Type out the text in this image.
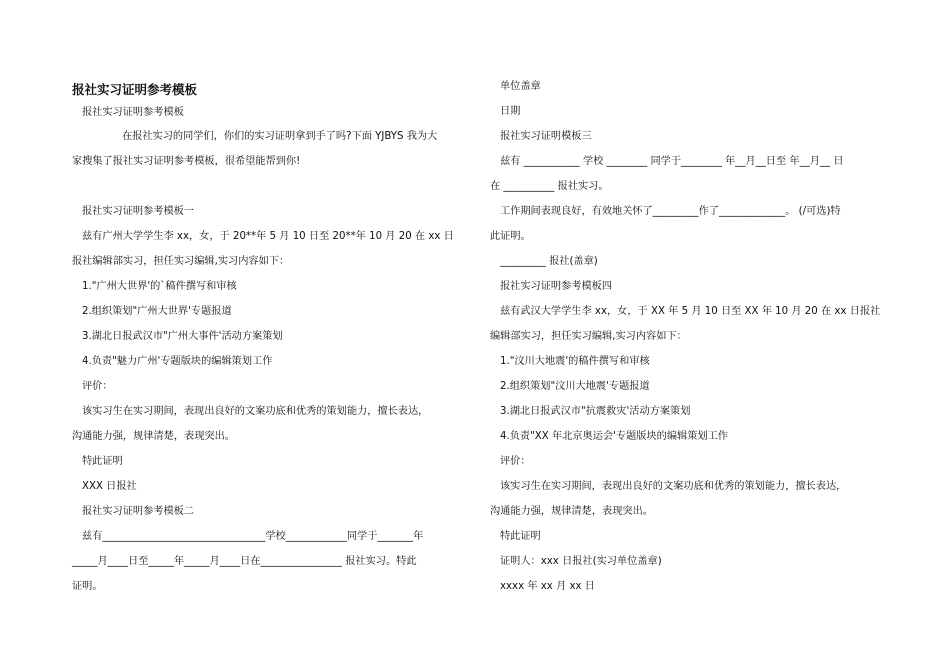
报社实习证明参考模板
报社实习证明参考模板
在报社实习的同学们，你们的实习证明拿到手了吗?下面 YJBYS 我为大
家搜集了报社实习证明参考模板，很希望能帮到你!
报社实习证明参考模板一
兹有广州大学学生李 xx，女，于 20**年 5 月 10 日至 20**年 10 月 20 在 xx 日
报社编辑部实习，担任实习编辑,实习内容如下：
1."广州大世界'的`稿件撰写和审核
2.组织策划"广州大世界'专题报道
3.湖北日报武汉市"广州大事件'活动方案策划
4.负责"魅力广州'专题版块的编辑策划工作
评价：
该实习生在实习期间，表现出良好的文案功底和优秀的策划能力，擅长表达，
沟通能力强，规律清楚，表现突出。
特此证明
XXX 日报社
报社实习证明参考模板二
兹有________________________________学校____________同学于_______年
_____月____日至_____年_____月____日在________________ 报社实习。特此
证明。
单位盖章
日期
报社实习证明模板三
兹有 ___________ 学校 ________ 同学于________ 年__月__日至 年__月__ 日
在 __________ 报社实习。
工作期间表现良好，有效地关怀了_________作了_____________。 (/可选)特
此证明。
_________ 报社(盖章)
报社实习证明参考模板四
兹有武汉大学学生李 xx，女，于 XX 年 5 月 10 日至 XX 年 10 月 20 在 xx 日报社
编辑部实习，担任实习编辑,实习内容如下：
1."汶川大地震'的稿件撰写和审核
2.组织策划"汶川大地震'专题报道
3.湖北日报武汉市"抗震救灾'活动方案策划
4.负责"XX 年北京奥运会'专题版块的编辑策划工作
评价：
该实习生在实习期间，表现出良好的文案功底和优秀的策划能力，擅长表达，
沟通能力强，规律清楚，表现突出。
特此证明
证明人：xxx 日报社(实习单位盖章)
xxxx 年 xx 月 xx 日
